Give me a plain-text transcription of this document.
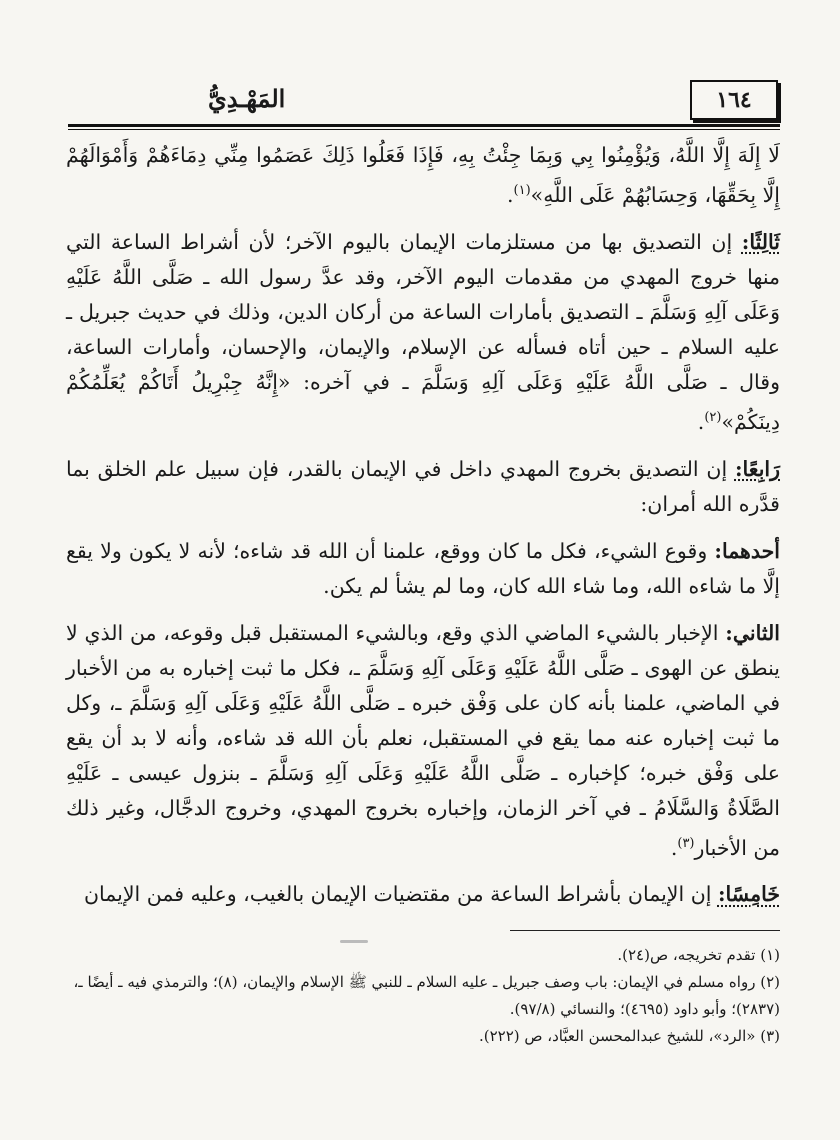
١٦٤
المَهْـدِيُّ

لَا إِلَهَ إِلَّا اللَّهُ، وَيُؤْمِنُوا بِي وَبِمَا جِئْتُ بِهِ، فَإِذَا فَعَلُوا ذَلِكَ عَصَمُوا مِنِّي دِمَاءَهُمْ وَأَمْوَالَهُمْ إِلَّا بِحَقِّهَا، وَحِسَابُهُمْ عَلَى اللَّهِ»$^{(١)}$.

ثَالِثًا: إن التصديق بها من مستلزمات الإيمان باليوم الآخر؛ لأن أشراط الساعة التي منها خروج المهدي من مقدمات اليوم الآخر، وقد عدَّ رسول الله ـ صَلَّى اللَّهُ عَلَيْهِ وَعَلَى آلِهِ وَسَلَّمَ ـ التصديق بأمارات الساعة من أركان الدين، وذلك في حديث جبريل ـ عليه السلام ـ حين أتاه فسأله عن الإسلام، والإيمان، والإحسان، وأمارات الساعة، وقال ـ صَلَّى اللَّهُ عَلَيْهِ وَعَلَى آلِهِ وَسَلَّمَ ـ في آخره: «إِنَّهُ جِبْرِيلُ أَتَاكُمْ يُعَلِّمُكُمْ دِينَكُمْ»$^{(٢)}$.

رَابِعًا: إن التصديق بخروج المهدي داخل في الإيمان بالقدر، فإن سبيل علم الخلق بما قدَّره الله أمران:

أحدهما: وقوع الشيء، فكل ما كان ووقع، علمنا أن الله قد شاءه؛ لأنه لا يكون ولا يقع إلَّا ما شاءه الله، وما شاء الله كان، وما لم يشأ لم يكن.

الثاني: الإخبار بالشيء الماضي الذي وقع، وبالشيء المستقبل قبل وقوعه، من الذي لا ينطق عن الهوى ـ صَلَّى اللَّهُ عَلَيْهِ وَعَلَى آلِهِ وَسَلَّمَ ـ، فكل ما ثبت إخباره به من الأخبار في الماضي، علمنا بأنه كان على وَفْق خبره ـ صَلَّى اللَّهُ عَلَيْهِ وَعَلَى آلِهِ وَسَلَّمَ ـ، وكل ما ثبت إخباره عنه مما يقع في المستقبل، نعلم بأن الله قد شاءه، وأنه لا بد أن يقع على وَفْق خبره؛ كإخباره ـ صَلَّى اللَّهُ عَلَيْهِ وَعَلَى آلِهِ وَسَلَّمَ ـ بنزول عيسى ـ عَلَيْهِ الصَّلَاةُ وَالسَّلَامُ ـ في آخر الزمان، وإخباره بخروج المهدي، وخروج الدجَّال، وغير ذلك من الأخبار$^{(٣)}$.

خَامِسًا: إن الإيمان بأشراط الساعة من مقتضيات الإيمان بالغيب، وعليه فمن الإيمان

(١) تقدم تخريجه، ص(٢٤).
(٢) رواه مسلم في الإيمان: باب وصف جبريل ـ عليه السلام ـ للنبي ﷺ الإسلام والإيمان، (٨)؛ والترمذي فيه ـ أيضًا ـ، (٢٨٣٧)؛ وأبو داود (٤٦٩٥)؛ والنسائي (٩٧/٨).
(٣) «الرد»، للشيخ عبدالمحسن العبَّاد، ص (٢٢٢).
